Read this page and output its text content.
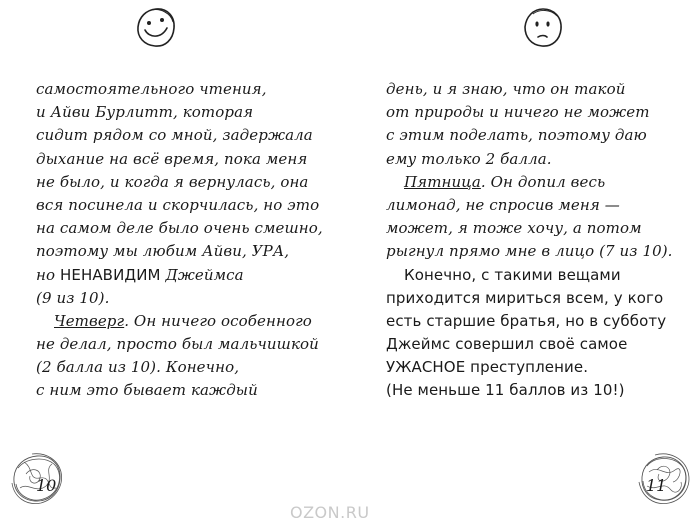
самостоятельного чтения,
и Айви Бурлитт, которая
сидит рядом со мной, задержала
дыхание на всё время, пока меня
не было, и когда я вернулась, она
вся посинела и скорчилась, но это
на самом деле было очень смешно,
поэтому мы любим Айви, УРА,
но НЕНАВИДИМ Джеймса
(9 из 10).
Четверг. Он ничего особенного
не делал, просто был мальчишкой
(2 балла из 10). Конечно,
с ним это бывает каждый
10
день, и я знаю, что он такой
от природы и ничего не может
с этим поделать, поэтому даю
ему только 2 балла.
Пятница. Он допил весь
лимонад, не спросив меня —
может, я тоже хочу, а потом
рыгнул прямо мне в лицо (7 из 10).
Конечно, с такими вещами
приходится мириться всем, у кого
есть старшие братья, но в субботу
Джеймс совершил своё самое
УЖАСНОЕ преступление.
(Не меньше 11 баллов из 10!)
11
OZON.RU
